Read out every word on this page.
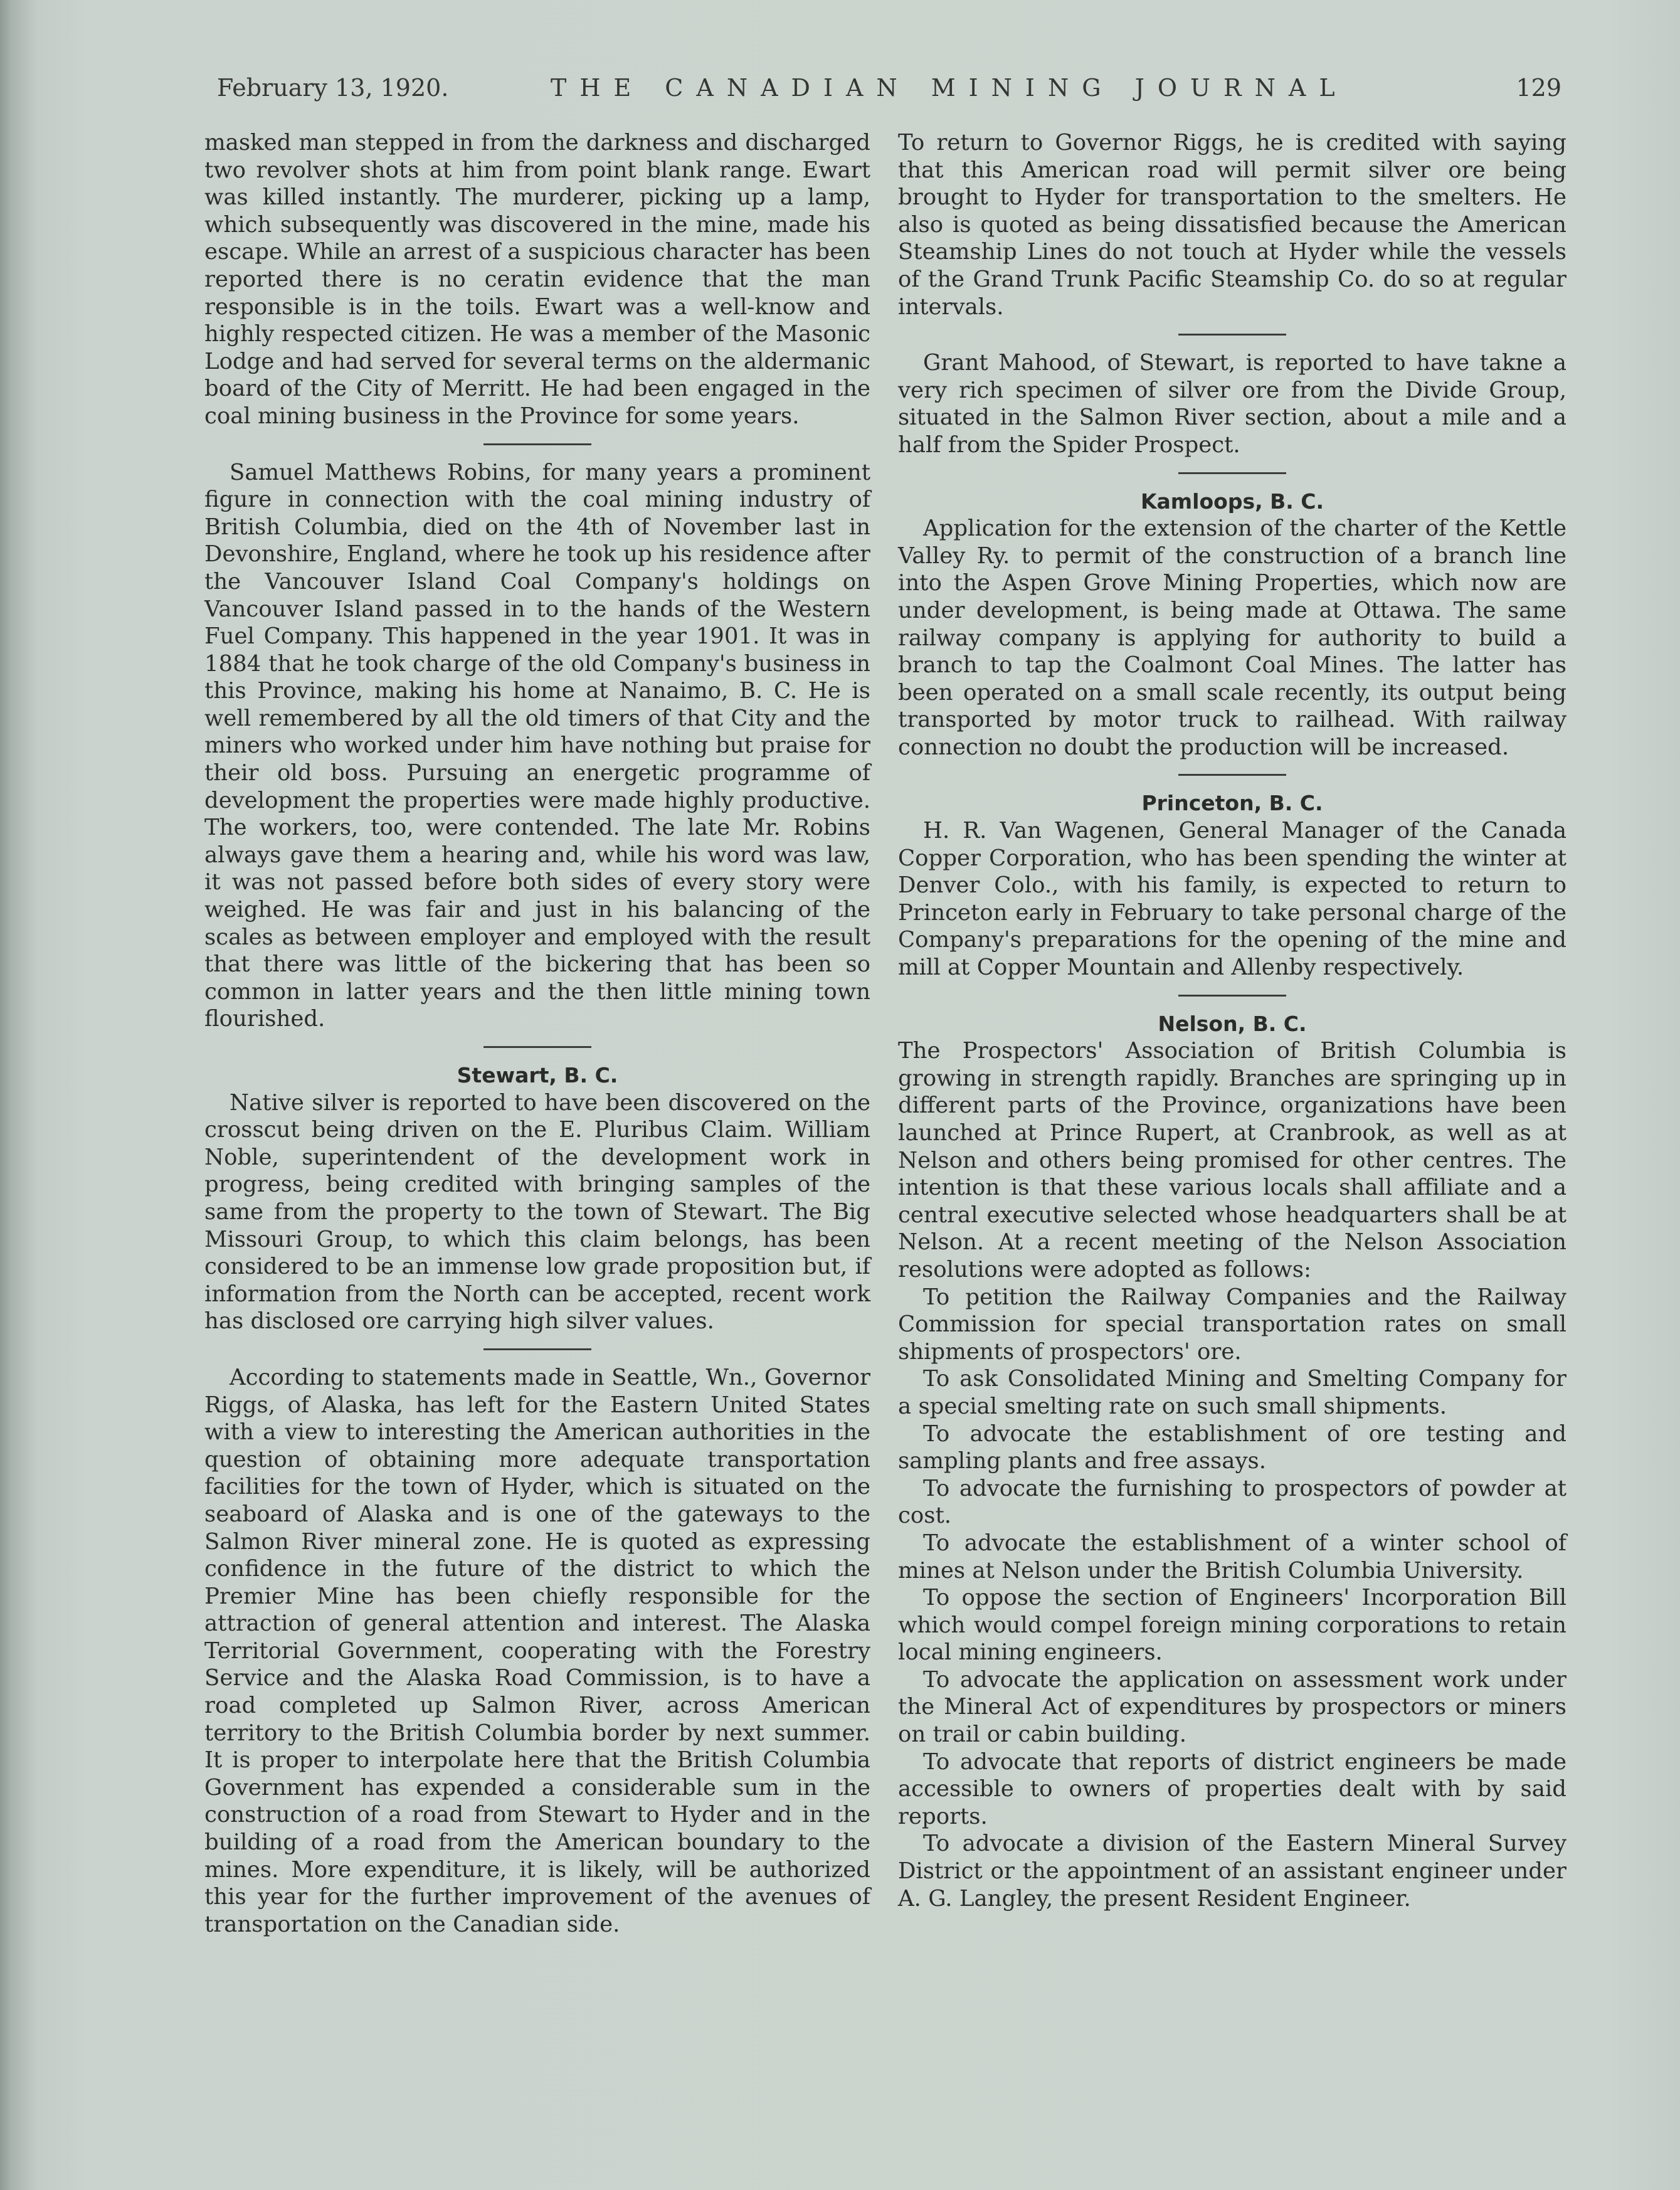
February 13, 1920.	THE CANADIAN MINING JOURNAL	129

masked man stepped in from the darkness and discharged two revolver shots at him from point blank range. Ewart was killed instantly. The murderer, picking up a lamp, which subsequently was discovered in the mine, made his escape. While an arrest of a suspicious character has been reported there is no ceratin evidence that the man responsible is in the toils. Ewart was a well-know and highly respected citizen. He was a member of the Masonic Lodge and had served for several terms on the aldermanic board of the City of Merritt. He had been engaged in the coal mining business in the Province for some years.

Samuel Matthews Robins, for many years a prominent figure in connection with the coal mining industry of British Columbia, died on the 4th of November last in Devonshire, England, where he took up his residence after the Vancouver Island Coal Company's holdings on Vancouver Island passed in to the hands of the Western Fuel Company. This happened in the year 1901. It was in 1884 that he took charge of the old Company's business in this Province, making his home at Nanaimo, B. C. He is well remembered by all the old timers of that City and the miners who worked under him have nothing but praise for their old boss. Pursuing an energetic programme of development the properties were made highly productive. The workers, too, were contended. The late Mr. Robins always gave them a hearing and, while his word was law, it was not passed before both sides of every story were weighed. He was fair and just in his balancing of the scales as between employer and employed with the result that there was little of the bickering that has been so common in latter years and the then little mining town flourished.

Stewart, B. C.

Native silver is reported to have been discovered on the crosscut being driven on the E. Pluribus Claim. William Noble, superintendent of the development work in progress, being credited with bringing samples of the same from the property to the town of Stewart. The Big Missouri Group, to which this claim belongs, has been considered to be an immense low grade proposition but, if information from the North can be accepted, recent work has disclosed ore carrying high silver values.

According to statements made in Seattle, Wn., Governor Riggs, of Alaska, has left for the Eastern United States with a view to interesting the American authorities in the question of obtaining more adequate transportation facilities for the town of Hyder, which is situated on the seaboard of Alaska and is one of the gateways to the Salmon River mineral zone. He is quoted as expressing confidence in the future of the district to which the Premier Mine has been chiefly responsible for the attraction of general attention and interest. The Alaska Territorial Government, cooperating with the Forestry Service and the Alaska Road Commission, is to have a road completed up Salmon River, across American territory to the British Columbia border by next summer. It is proper to interpolate here that the British Columbia Government has expended a considerable sum in the construction of a road from Stewart to Hyder and in the building of a road from the American boundary to the mines. More expenditure, it is likely, will be authorized this year for the further improvement of the avenues of transportation on the Canadian side.

To return to Governor Riggs, he is credited with saying that this American road will permit silver ore being brought to Hyder for transportation to the smelters. He also is quoted as being dissatisfied because the American Steamship Lines do not touch at Hyder while the vessels of the Grand Trunk Pacific Steamship Co. do so at regular intervals.

Grant Mahood, of Stewart, is reported to have takne a very rich specimen of silver ore from the Divide Group, situated in the Salmon River section, about a mile and a half from the Spider Prospect.

Kamloops, B. C.

Application for the extension of the charter of the Kettle Valley Ry. to permit of the construction of a branch line into the Aspen Grove Mining Properties, which now are under development, is being made at Ottawa. The same railway company is applying for authority to build a branch to tap the Coalmont Coal Mines. The latter has been operated on a small scale recently, its output being transported by motor truck to railhead. With railway connection no doubt the production will be increased.

Princeton, B. C.

H. R. Van Wagenen, General Manager of the Canada Copper Corporation, who has been spending the winter at Denver Colo., with his family, is expected to return to Princeton early in February to take personal charge of the Company's preparations for the opening of the mine and mill at Copper Mountain and Allenby respectively.

Nelson, B. C.

The Prospectors' Association of British Columbia is growing in strength rapidly. Branches are springing up in different parts of the Province, organizations have been launched at Prince Rupert, at Cranbrook, as well as at Nelson and others being promised for other centres. The intention is that these various locals shall affiliate and a central executive selected whose headquarters shall be at Nelson. At a recent meeting of the Nelson Association resolutions were adopted as follows:

To petition the Railway Companies and the Railway Commission for special transportation rates on small shipments of prospectors' ore.

To ask Consolidated Mining and Smelting Company for a special smelting rate on such small shipments.

To advocate the establishment of ore testing and sampling plants and free assays.

To advocate the furnishing to prospectors of powder at cost.

To advocate the establishment of a winter school of mines at Nelson under the British Columbia University.

To oppose the section of Engineers' Incorporation Bill which would compel foreign mining corporations to retain local mining engineers.

To advocate the application on assessment work under the Mineral Act of expenditures by prospectors or miners on trail or cabin building.

To advocate that reports of district engineers be made accessible to owners of properties dealt with by said reports.

To advocate a division of the Eastern Mineral Survey District or the appointment of an assistant engineer under A. G. Langley, the present Resident Engineer.
